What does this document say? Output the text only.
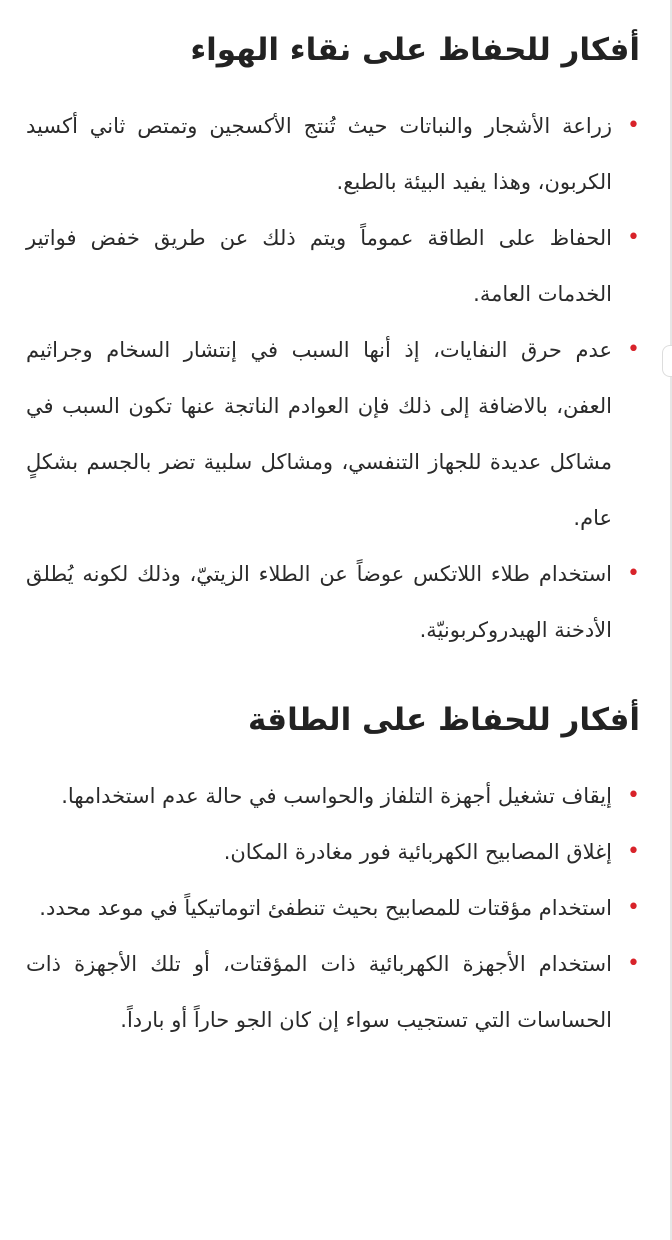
أفكار للحفاظ على نقاء الهواء
•
زراعة الأشجار والنباتات حيث تُنتج الأكسجين وتمتص ثاني أكسيد الكربون، وهذا يفيد البيئة بالطبع.
•
الحفاظ على الطاقة عموماً ويتم ذلك عن طريق خفض فواتير الخدمات العامة.
•
عدم حرق النفايات، إذ أنها السبب في إنتشار السخام وجراثيم العفن، بالاضافة إلى ذلك فإن العوادم الناتجة عنها تكون السبب في مشاكل عديدة للجهاز التنفسي، ومشاكل سلبية تضر بالجسم بشكلٍ عام.
•
استخدام طلاء اللاتكس عوضاً عن الطلاء الزيتيّ، وذلك لكونه يُطلق الأدخنة الهيدروكربونيّة.
أفكار للحفاظ على الطاقة
•
إيقاف تشغيل أجهزة التلفاز والحواسب في حالة عدم استخدامها.
•
إغلاق المصابيح الكهربائية فور مغادرة المكان.
•
استخدام مؤقتات للمصابيح بحيث تنطفئ اتوماتيكياً في موعد محدد.
•
استخدام الأجهزة الكهربائية ذات المؤقتات، أو تلك الأجهزة ذات الحساسات التي تستجيب سواء إن كان الجو حاراً أو بارداً.
